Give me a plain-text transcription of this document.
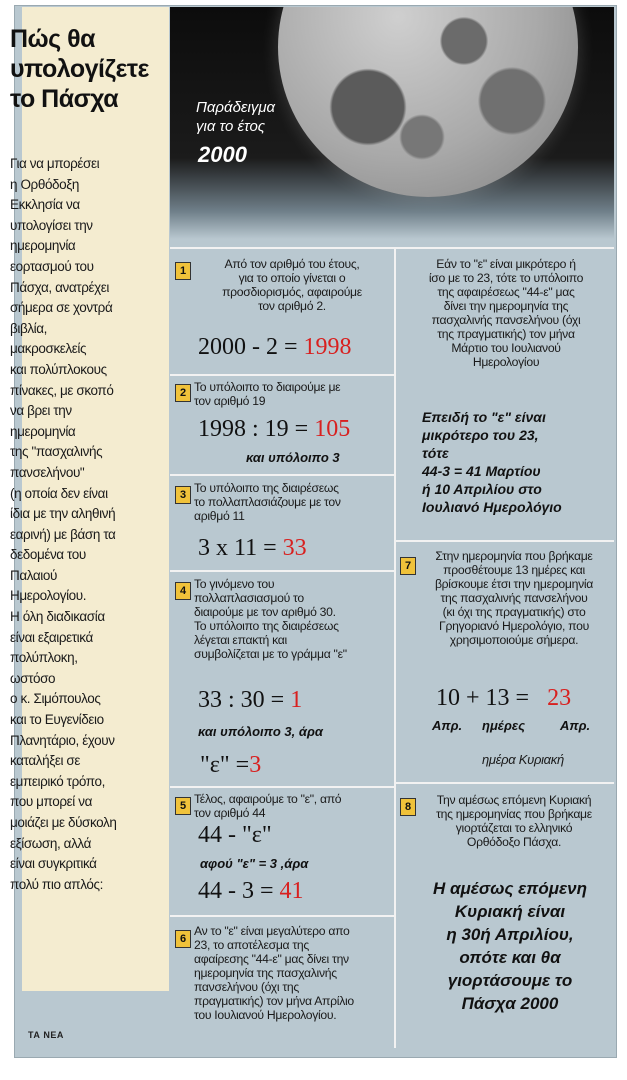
Πώς θα
υπολογίζετε
το Πάσχα
Για να μπορέσει
η Ορθόδοξη
Εκκλησία να
υπολογίσει την
ημερομηνία
εορτασμού του
Πάσχα, ανατρέχει
σήμερα σε χοντρά
βιβλία,
μακροσκελείς
και πολύπλοκους
πίνακες, με σκοπό
να βρει την
ημερομηνία
της "πασχαλινής
πανσελήνου"
(η οποία δεν είναι
ίδια με την αληθινή
εαρινή) με βάση τα
δεδομένα του
Παλαιού
Ημερολογίου.
Η όλη διαδικασία
είναι εξαιρετικά
πολύπλοκη,
ωστόσο
ο κ. Σιμόπουλος
και το Ευγενίδειο
Πλανητάριο, έχουν
καταλήξει σε
εμπειρικό τρόπο,
που μπορεί να
μοιάζει με δύσκολη
εξίσωση, αλλά
είναι συγκριτικά
πολύ πιο απλός:
ΤΑ ΝΕΑ
Παράδειγμα
για το έτος
2000
1	Από τον αριθμό του έτους,
για το οποίο γίνεται ο
προσδιορισμός, αφαιρούμε
τον αριθμό 2.
2000 - 2 = 1998
2 Το υπόλοιπο το διαιρούμε με
τον αριθμό 19
1998 : 19 = 105
και υπόλοιπο 3
3 Το υπόλοιπο της διαιρέσεως
το πολλαπλασιάζουμε με τον
αριθμό 11
3 x 11 = 33
4 Το γινόμενο του
πολλαπλασιασμού το
διαιρούμε με τον αριθμό 30.
Το υπόλοιπο της διαιρέσεως
λέγεται επακτή και
συμβολίζεται με το γράμμα "ε"
33 : 30 = 1
και υπόλοιπο 3, άρα
"ε" =3
5 Τέλος, αφαιρούμε το "ε", από
τον αριθμό 44
44 - "ε"
αφού "ε" = 3 ,άρα
44 - 3 = 41
6
Αν το "ε" είναι μεγαλύτερο απο
23, το αποτέλεσμα της
αφαίρεσης "44-ε" μας δίνει την
ημερομηνία της πασχαλινής
πανσελήνου (όχι της
πραγματικής) τον μήνα Απρίλιο
του Ιουλιανού Ημερολογίου.
Εάν το "ε" είναι μικρότερο ή
ίσο με το 23, τότε το υπόλοιπο
της αφαιρέσεως "44-ε" μας
δίνει την ημερομηνία της
πασχαλινής πανσελήνου (όχι
της πραγματικής) τον μήνα
Μάρτιο του Ιουλιανού
Ημερολογίου
Επειδή το "ε" είναι
μικρότερο του 23,
τότε
44-3 = 41 Μαρτίου
ή 10 Απριλίου στο
Ιουλιανό Ημερολόγιο
7
Στην ημερομηνία που βρήκαμε
προσθέτουμε 13 ημέρες και
βρίσκουμε έτσι την ημερομηνία
της πασχαλινής πανσελήνου
(κι όχι της πραγματικής) στο
Γρηγοριανό Ημερολόγιο, που
χρησιμοποιούμε σήμερα.
10 + 13 = 23
Απρ. ημέρες	Απρ.
ημέρα Κυριακή
8	Την αμέσως επόμενη Κυριακή
της ημερομηνίας που βρήκαμε
γιορτάζεται το ελληνικό
Ορθόδοξο Πάσχα.
Η αμέσως επόμενη
Κυριακή είναι
η 30ή Απριλίου,
οπότε και θα
γιορτάσουμε το
Πάσχα 2000
